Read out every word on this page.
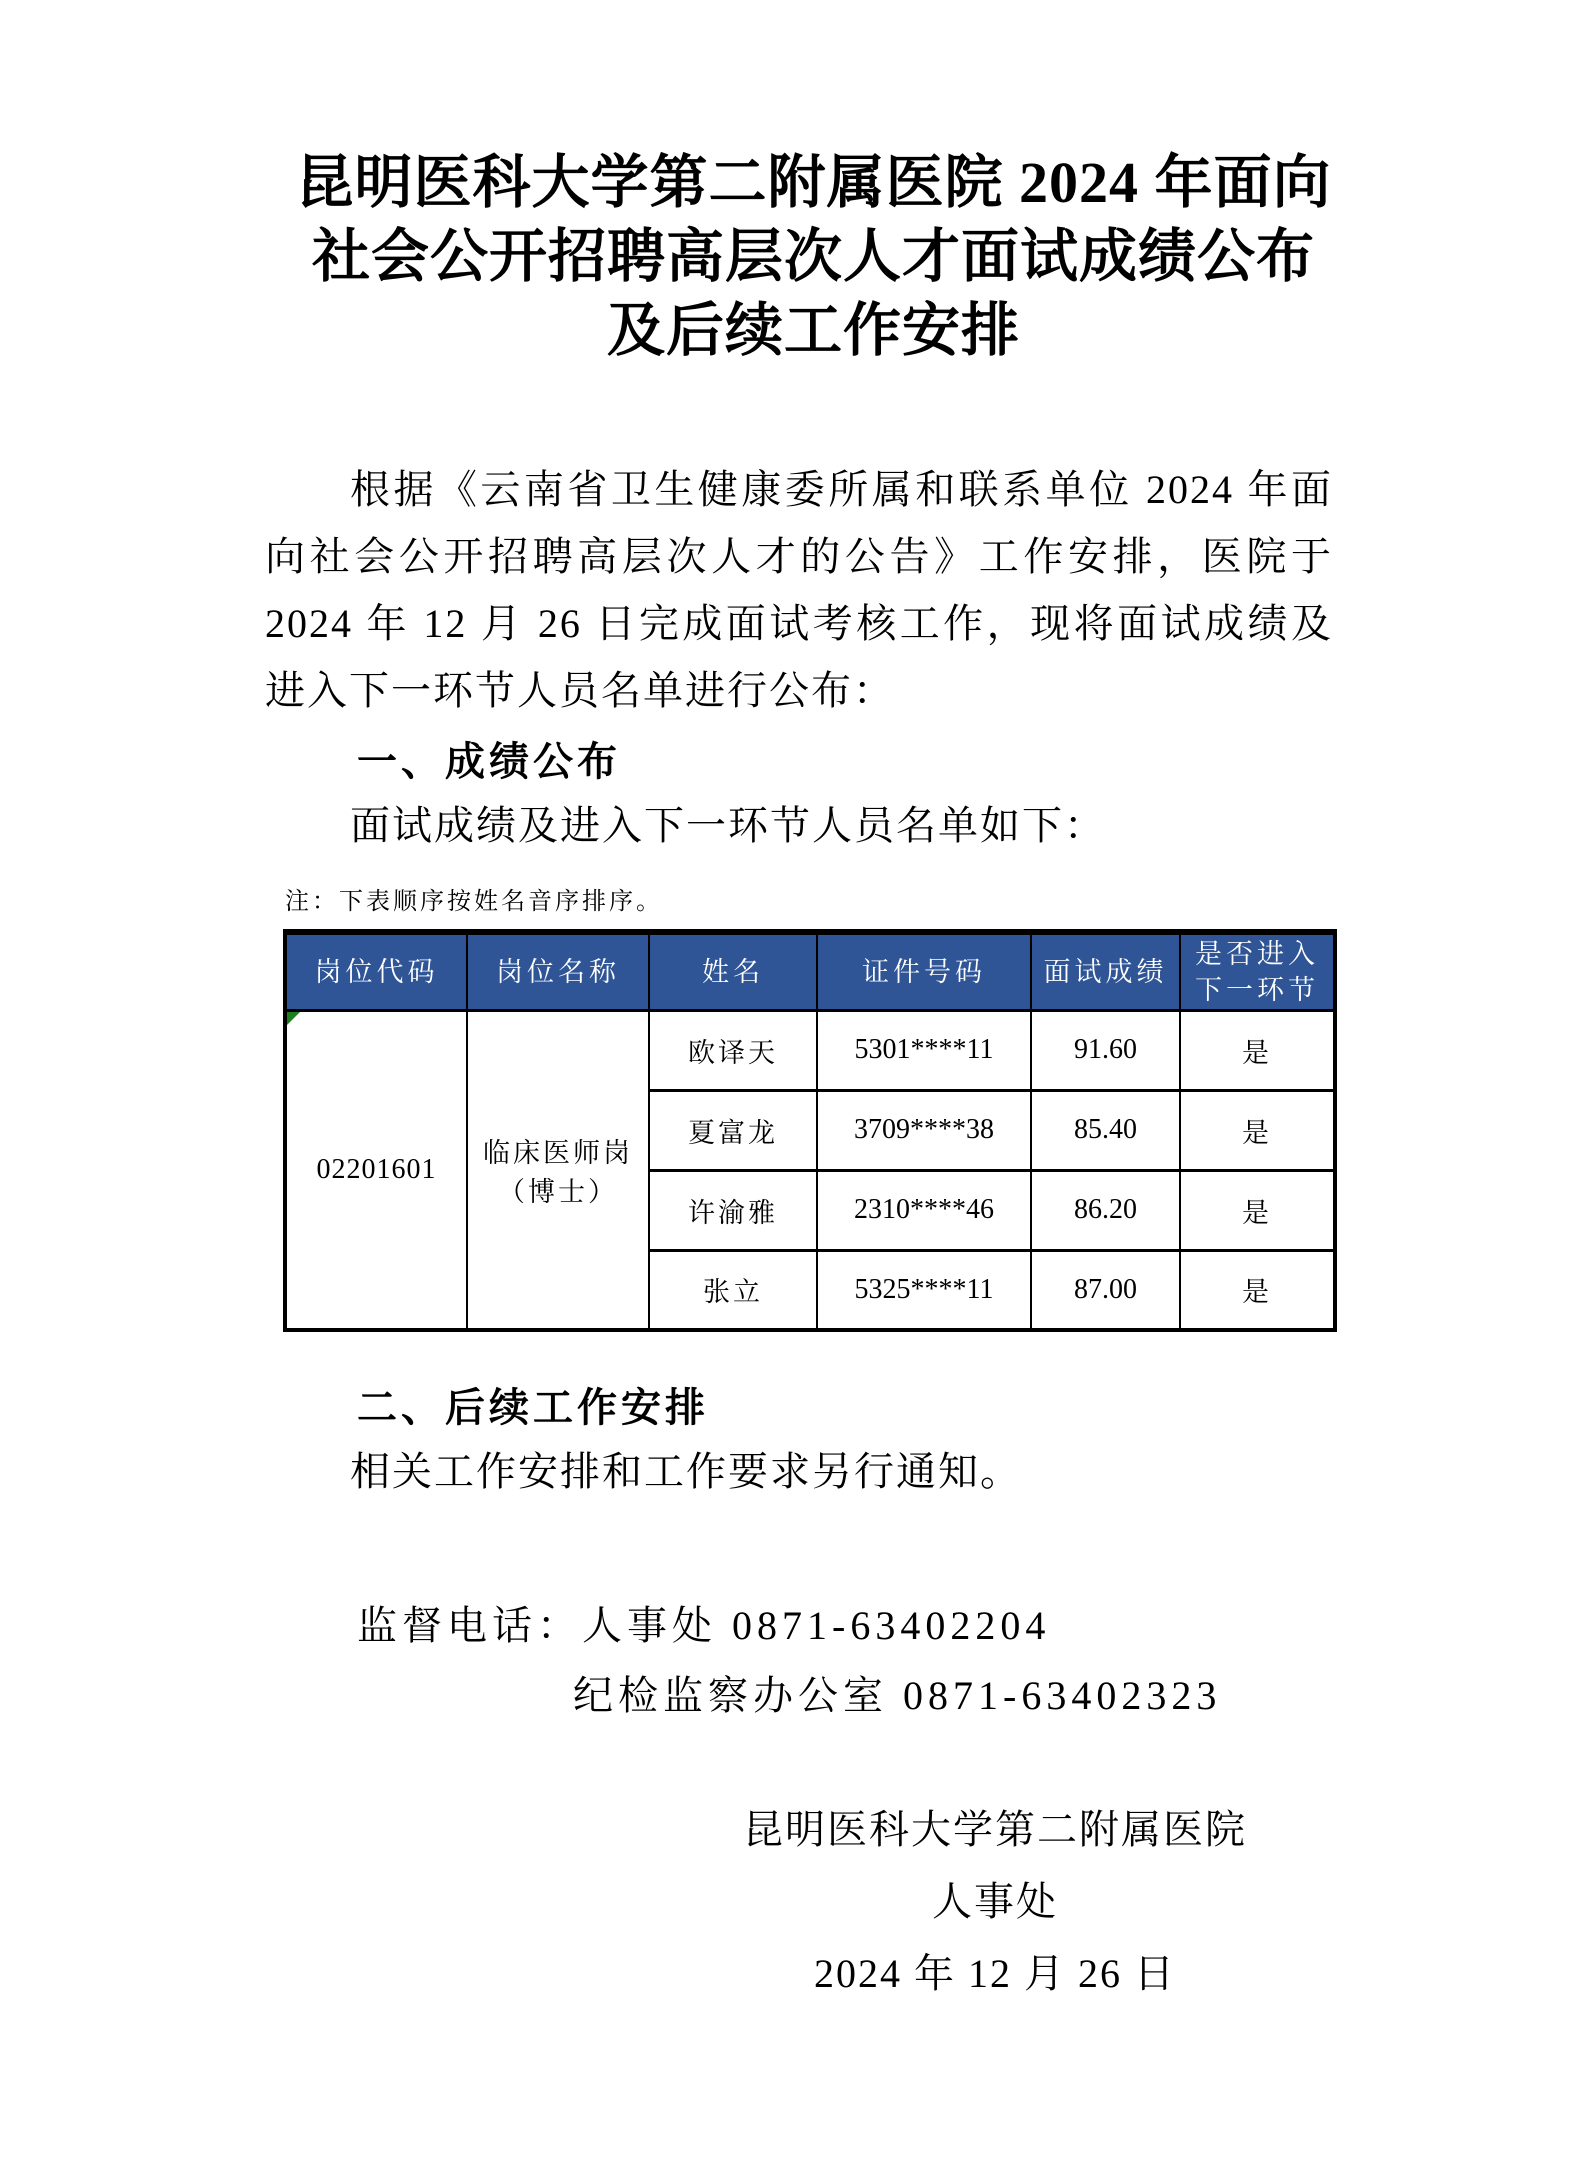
昆明医科大学第二附属医院 2024 年面向
社会公开招聘高层次人才面试成绩公布
及后续工作安排

根据《云南省卫生健康委所属和联系单位 2024 年面向社会公开招聘高层次人才的公告》工作安排，医院于 2024 年 12 月 26 日完成面试考核工作，现将面试成绩及进入下一环节人员名单进行公布：

一、成绩公布

面试成绩及进入下一环节人员名单如下：

注：下表顺序按姓名音序排序。

岗位代码	岗位名称	姓名	证件号码	面试成绩	是否进入下一环节

02201601	临床医师岗（博士）	欧译天	5301****11	91.60	是
		夏富龙	3709****38	85.40	是
		许渝雅	2310****46	86.20	是
		张立	5325****11	87.00	是
二、后续工作安排

相关工作安排和工作要求另行通知。

监督电话：人事处 0871-63402204

纪检监察办公室 0871-63402323

昆明医科大学第二附属医院

人事处

2024 年 12 月 26 日
